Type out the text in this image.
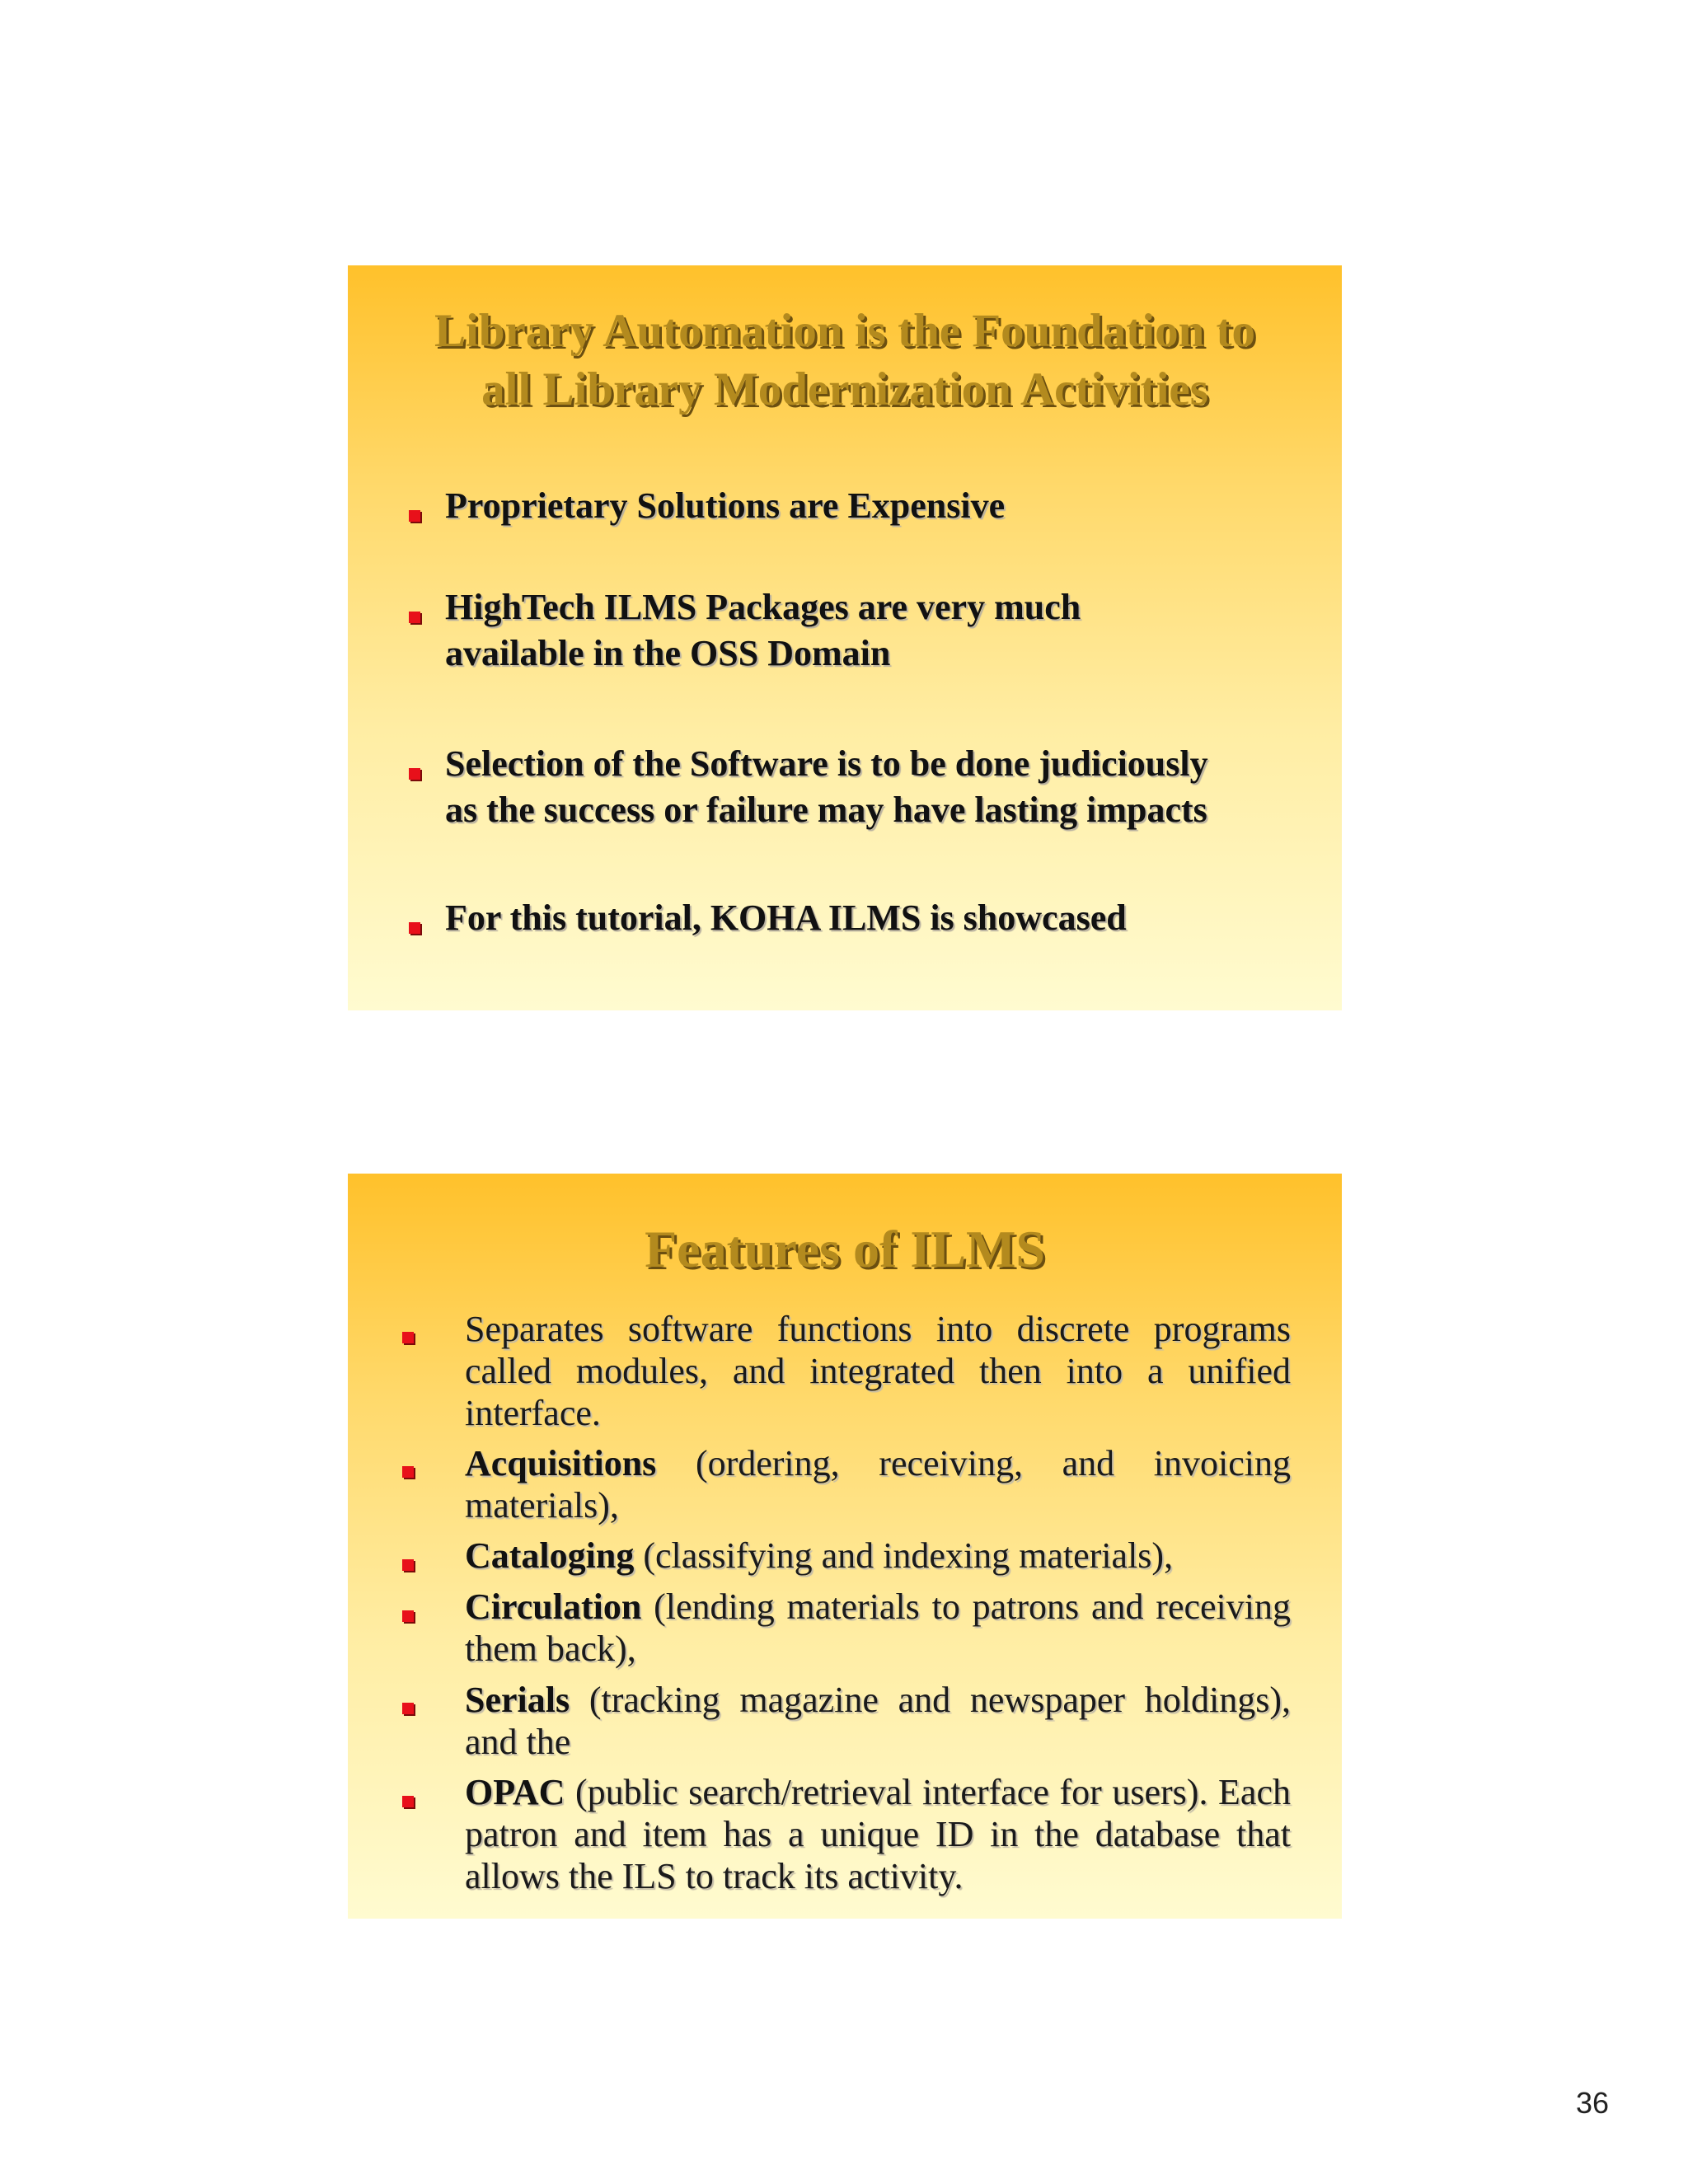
Library Automation is the Foundation to
all Library Modernization Activities
Proprietary Solutions are Expensive
HighTech ILMS Packages are very much
available in the OSS Domain
Selection of the Software is to be done judiciously
as the success or failure may have lasting impacts
For this tutorial, KOHA ILMS is showcased
Features of ILMS
Separates software functions into discrete programs called modules, and integrated then into a unified interface.
Acquisitions (ordering, receiving, and invoicing materials),
Cataloging (classifying and indexing materials),
Circulation (lending materials to patrons and receiving them back),
Serials (tracking magazine and newspaper holdings), and the
OPAC (public search/retrieval interface for users). Each patron and item has a unique ID in the database that allows the ILS to track its activity.
36
